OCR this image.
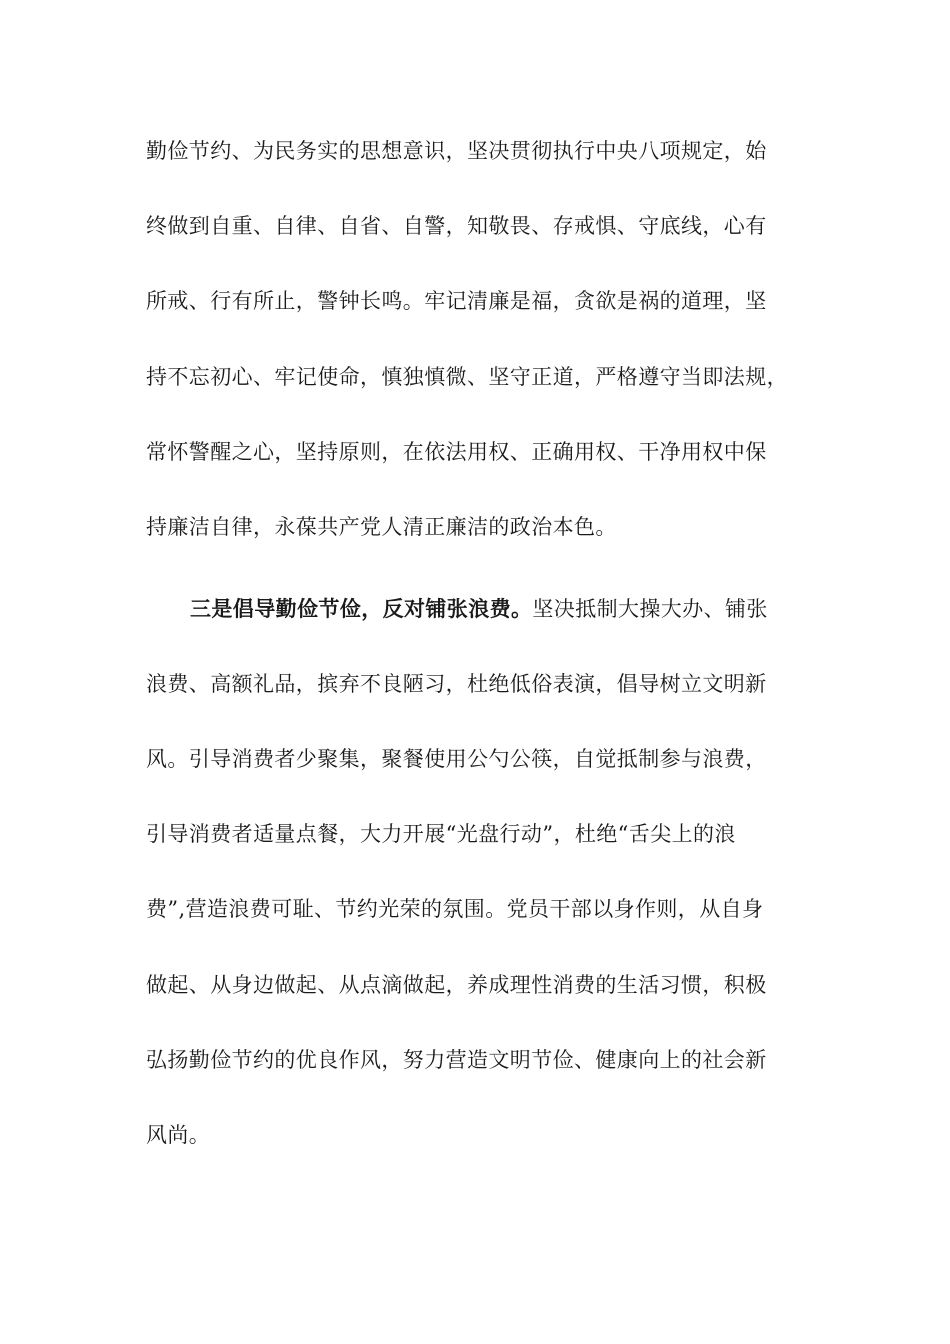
勤俭节约、为民务实的思想意识，坚决贯彻执行中央八项规定，始
终做到自重、自律、自省、自警，知敬畏、存戒惧、守底线，心有
所戒、行有所止，警钟长鸣。牢记清廉是福，贪欲是祸的道理，坚
持不忘初心、牢记使命，慎独慎微、坚守正道，严格遵守当即法规，
常怀警醒之心，坚持原则，在依法用权、正确用权、干净用权中保
持廉洁自律，永葆共产党人清正廉洁的政治本色。
三是倡导勤俭节俭，反对铺张浪费。坚决抵制大操大办、铺张
浪费、高额礼品，摈弃不良陋习，杜绝低俗表演，倡导树立文明新
风。引导消费者少聚集，聚餐使用公勺公筷，自觉抵制参与浪费，
引导消费者适量点餐，大力开展“光盘行动”，杜绝“舌尖上的浪
费”,营造浪费可耻、节约光荣的氛围。党员干部以身作则，从自身
做起、从身边做起、从点滴做起，养成理性消费的生活习惯，积极
弘扬勤俭节约的优良作风，努力营造文明节俭、健康向上的社会新
风尚。
